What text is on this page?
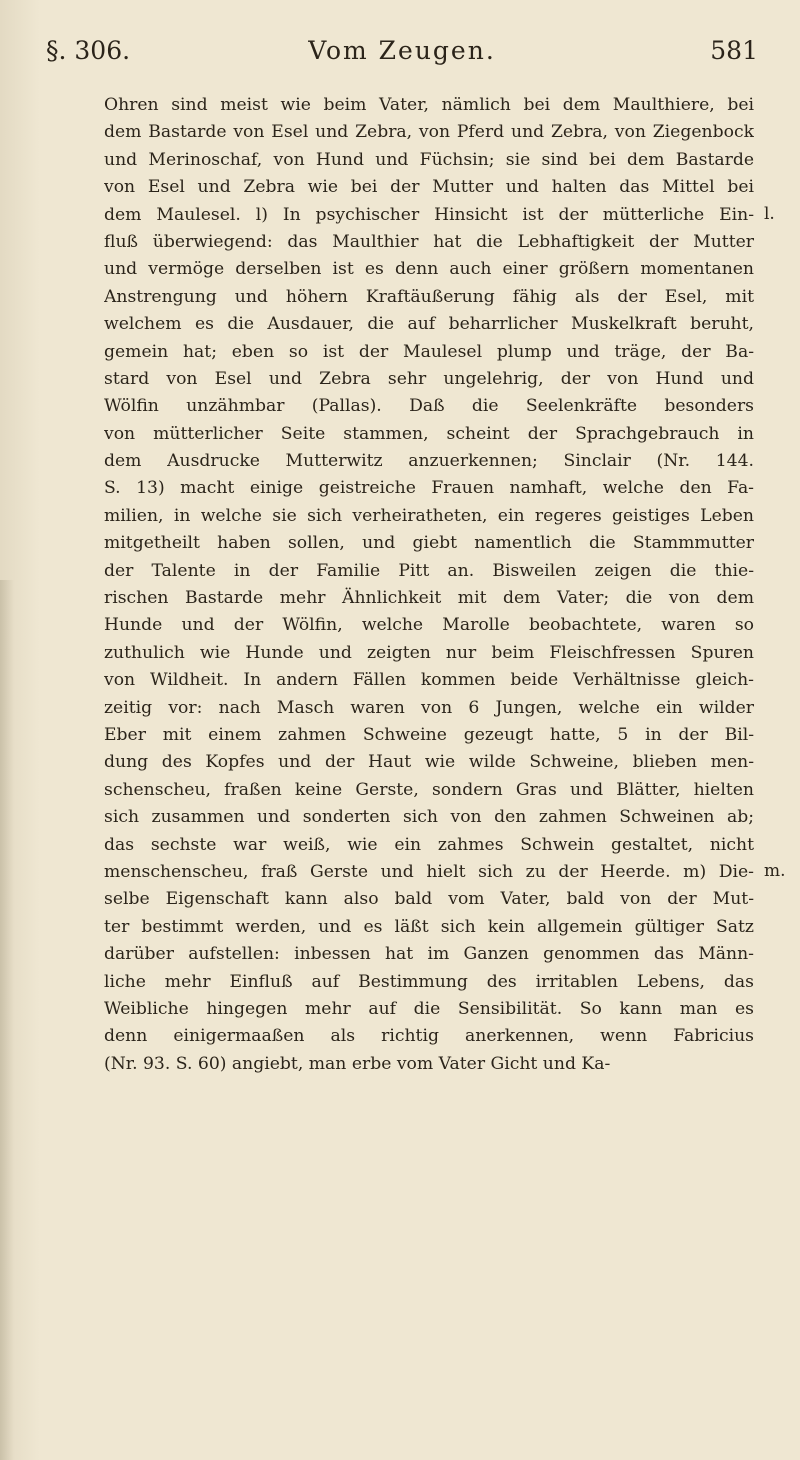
§. 306.	Vom Zeugen.	581
Ohren sind meist wie beim Vater, nämlich bei dem Maulthiere, bei
dem Bastarde von Esel und Zebra, von Pferd und Zebra, von Ziegenbock
und Merinoschaf, von Hund und Füchsin; sie sind bei dem Bastarde
von Esel und Zebra wie bei der Mutter und halten das Mittel bei
dem Maulesel. l) In psychischer Hinsicht ist der mütterliche Ein-
fluß überwiegend: das Maulthier hat die Lebhaftigkeit der Mutter
und vermöge derselben ist es denn auch einer größern momentanen
Anstrengung und höhern Kraftäußerung fähig als der Esel, mit
welchem es die Ausdauer, die auf beharrlicher Muskelkraft beruht,
gemein hat; eben so ist der Maulesel plump und träge, der Ba-
stard von Esel und Zebra sehr ungelehrig, der von Hund und
Wölfin unzähmbar (Pallas). Daß die Seelenkräfte besonders
von mütterlicher Seite stammen, scheint der Sprachgebrauch in
dem Ausdrucke Mutterwitz anzuerkennen; Sinclair (Nr. 144.
S. 13) macht einige geistreiche Frauen namhaft, welche den Fa-
milien, in welche sie sich verheiratheten, ein regeres geistiges Leben
mitgetheilt haben sollen, und giebt namentlich die Stammmutter
der Talente in der Familie Pitt an. Bisweilen zeigen die thie-
rischen Bastarde mehr Ähnlichkeit mit dem Vater; die von dem
Hunde und der Wölfin, welche Marolle beobachtete, waren so
zuthulich wie Hunde und zeigten nur beim Fleischfressen Spuren
von Wildheit. In andern Fällen kommen beide Verhältnisse gleich-
zeitig vor: nach Masch waren von 6 Jungen, welche ein wilder
Eber mit einem zahmen Schweine gezeugt hatte, 5 in der Bil-
dung des Kopfes und der Haut wie wilde Schweine, blieben men-
schenscheu, fraßen keine Gerste, sondern Gras und Blätter, hielten
sich zusammen und sonderten sich von den zahmen Schweinen ab;
das sechste war weiß, wie ein zahmes Schwein gestaltet, nicht
menschenscheu, fraß Gerste und hielt sich zu der Heerde. m) Die-
selbe Eigenschaft kann also bald vom Vater, bald von der Mut-
ter bestimmt werden, und es läßt sich kein allgemein gültiger Satz
darüber aufstellen: inbessen hat im Ganzen genommen das Männ-
liche mehr Einfluß auf Bestimmung des irritablen Lebens, das
Weibliche hingegen mehr auf die Sensibilität. So kann man es
denn einigermaaßen als richtig anerkennen, wenn Fabricius
(Nr. 93. S. 60) angiebt, man erbe vom Vater Gicht und Ka-
l.
m.
